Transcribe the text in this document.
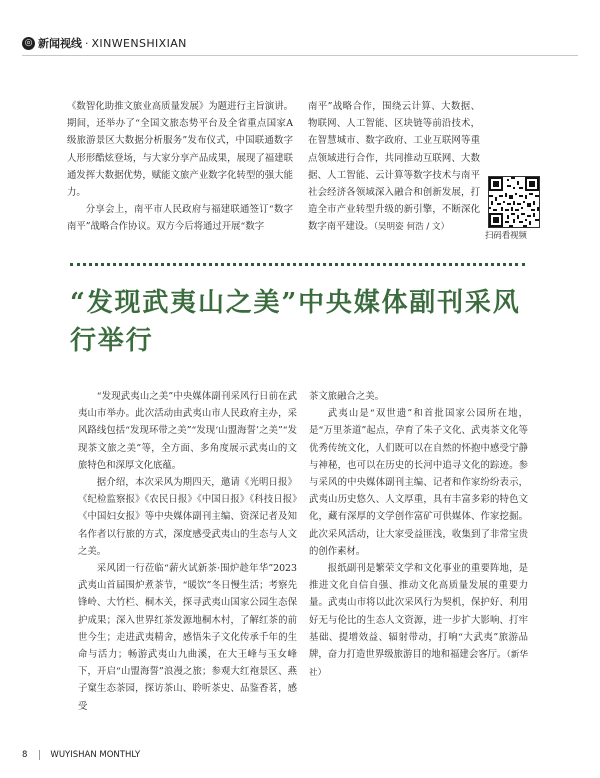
◎ 新闻视线 · XINWENSHIXIAN

《数智化助推文旅业高质量发展》为题进行主旨演讲。期间，还举办了“全国文旅态势平台及全省重点国家A级旅游景区大数据分析服务”发布仪式，中国联通数字人形形酷炫登场，与大家分享产品成果，展现了福建联通发挥大数据优势，赋能文旅产业数字化转型的强大能力。

分享会上，南平市人民政府与福建联通签订“数字南平”战略合作协议。双方今后将通过开展“数字

南平”战略合作，围绕云计算、大数据、物联网、人工智能、区块链等前沿技术，在智慧城市、数字政府、工业互联网等重点领域进行合作，共同推动互联网、大数据、人工智能、云计算等数字技术与南平社会经济各领域深入融合和创新发展，打造全市产业转型升级的新引擎，不断深化数字南平建设。（吴明姿 何浩 / 文）

扫码看视频
“发现武夷山之美”中央媒体副刊采风行举行

“发现武夷山之美”中央媒体副刊采风行日前在武夷山市举办。此次活动由武夷山市人民政府主办，采风路线包括“发现环带之美”“发现‘山盟海誓’之美”“发现茶文旅之美”等，全方面、多角度展示武夷山的文旅特色和深厚文化底蕴。

据介绍，本次采风为期四天，邀请《光明日报》《纪检监察报》《农民日报》《中国日报》《科技日报》《中国妇女报》等中央媒体副刊主编、资深记者及知名作者以行旅的方式，深度感受武夷山的生态与人文之美。

采风团一行莅临“薪火试新茶·围炉趁年华”2023武夷山首届围炉煮茶节，“暖饮”冬日慢生活；考察先锋岭、大竹栏、桐木关，探寻武夷山国家公园生态保护成果；深入世界红茶发源地桐木村，了解红茶的前世今生；走进武夷精舍，感悟朱子文化传承千年的生命与活力；畅游武夷山九曲溪，在大王峰与玉女峰下，开启“山盟海誓”浪漫之旅；参观大红袍景区、燕子窠生态茶园，探访茶山、聆听茶史、品鉴香茗，感受

茶文旅融合之美。

武夷山是“双世遗”和首批国家公园所在地，是“万里茶道”起点，孕育了朱子文化、武夷茶文化等优秀传统文化，人们既可以在自然的怀抱中感受宁静与神秘，也可以在历史的长河中追寻文化的踪迹。参与采风的中央媒体副刊主编、记者和作家纷纷表示，武夷山历史悠久、人文厚重，具有丰富多彩的特色文化，藏有深厚的文学创作富矿可供媒体、作家挖掘。此次采风活动，让大家受益匪浅，收集到了非常宝贵的创作素材。

报纸副刊是繁荣文学和文化事业的重要阵地，是推进文化自信自强、推动文化高质量发展的重要力量。武夷山市将以此次采风行为契机，保护好、利用好无与伦比的生态人文资源，进一步扩大影响、打牢基础、提增效益、辐射带动，打响“大武夷”旅游品牌，奋力打造世界级旅游目的地和福建会客厅。（新华社）

8	WUYISHAN MONTHLY
